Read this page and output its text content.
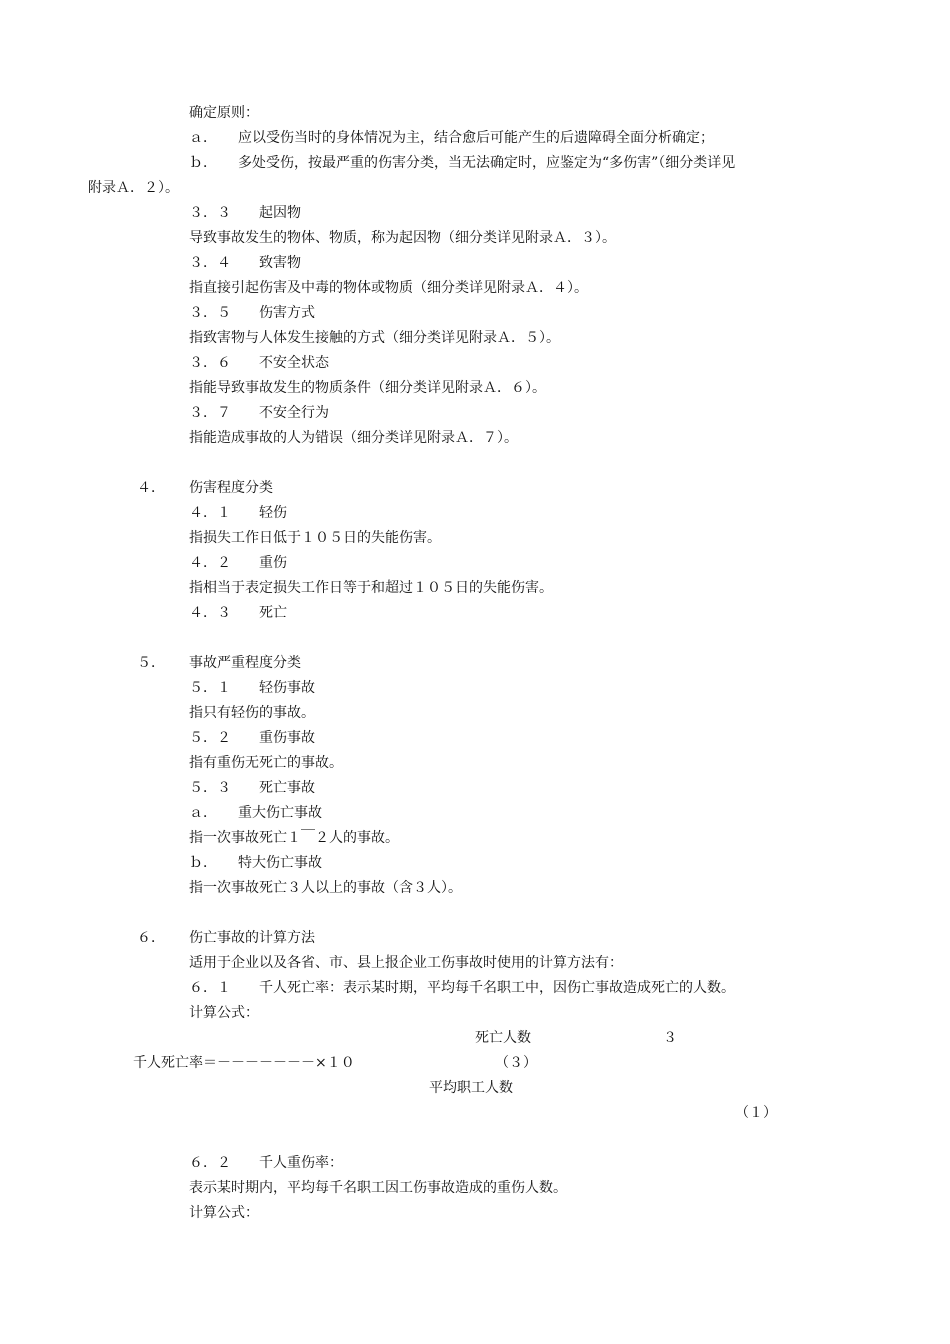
确定原则：
ａ．　　应以受伤当时的身体情况为主，结合愈后可能产生的后遗障碍全面分析确定；
ｂ．　　多处受伤，按最严重的伤害分类，当无法确定时，应鉴定为“多伤害”（细分类详见
附录Ａ．２）。
３．３　　起因物
导致事故发生的物体、物质，称为起因物（细分类详见附录Ａ．３）。
３．４　　致害物
指直接引起伤害及中毒的物体或物质（细分类详见附录Ａ．４）。
３．５　　伤害方式
指致害物与人体发生接触的方式（细分类详见附录Ａ．５）。
３．６　　不安全状态
指能导致事故发生的物质条件（细分类详见附录Ａ．６）。
３．７　　不安全行为
指能造成事故的人为错误（细分类详见附录Ａ．７）。
４． 伤害程度分类
４．１　　轻伤
指损失工作日低于１０５日的失能伤害。
４．２　　重伤
指相当于表定损失工作日等于和超过１０５日的失能伤害。
４．３　　死亡
５． 事故严重程度分类
５．１　　轻伤事故
指只有轻伤的事故。
５．２　　重伤事故
指有重伤无死亡的事故。
５．３　　死亡事故
ａ．　　重大伤亡事故
指一次事故死亡１￣２人的事故。
ｂ．　　特大伤亡事故
指一次事故死亡３人以上的事故（含３人）。
６． 伤亡事故的计算方法
适用于企业以及各省、市、县上报企业工伤事故时使用的计算方法有：
６．１　　千人死亡率：表示某时期，平均每千名职工中，因伤亡事故造成死亡的人数。
计算公式：
死亡人数	３
千人死亡率＝－－－－－－－×１０	（３）
平均职工人数
（１）
６．２　　千人重伤率：
表示某时期内，平均每千名职工因工伤事故造成的重伤人数。
计算公式：
